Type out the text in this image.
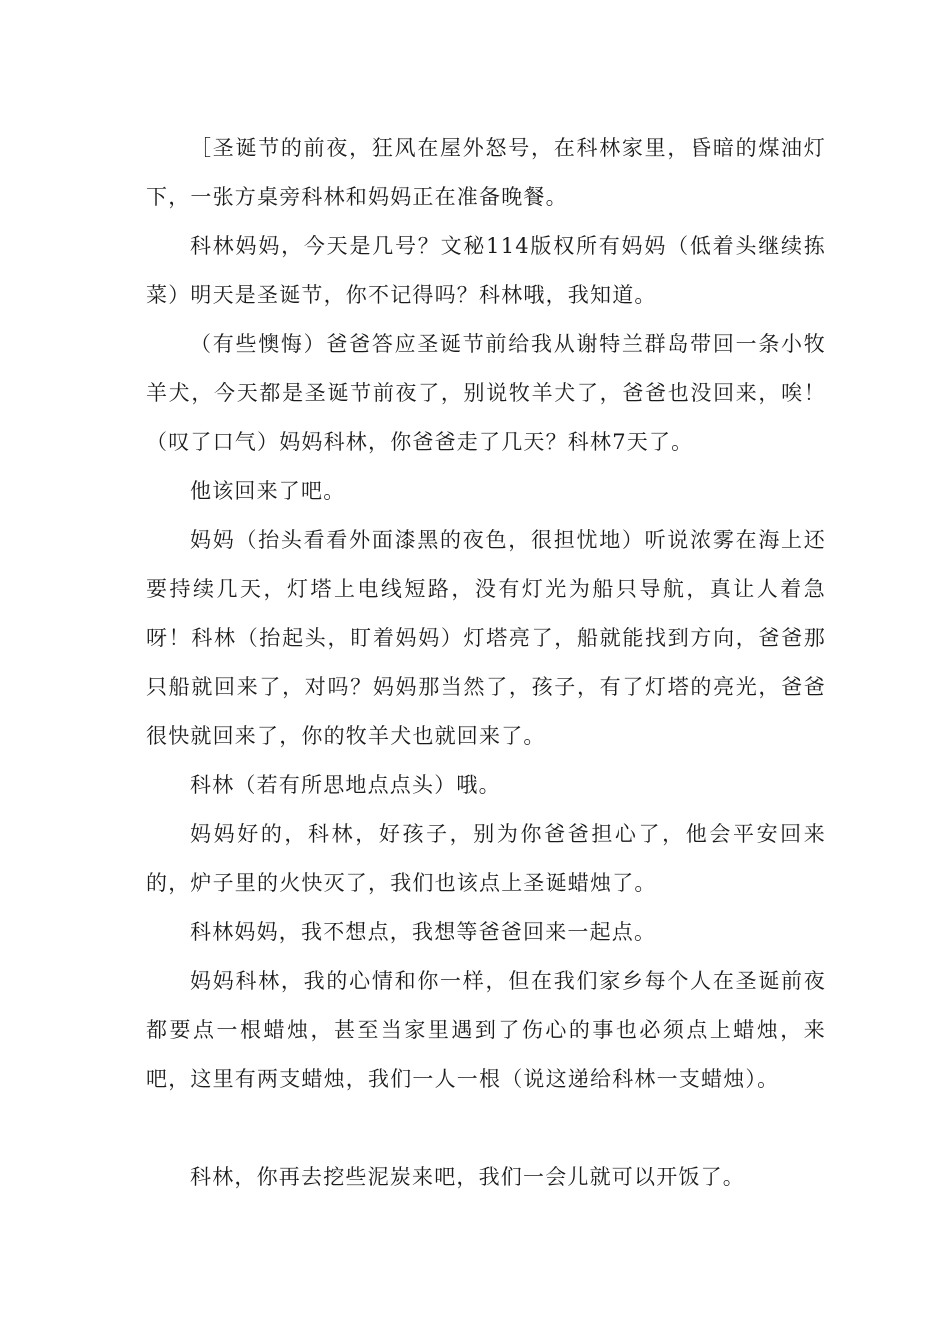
［圣诞节的前夜，狂风在屋外怒号，在科林家里，昏暗的煤油灯下，一张方桌旁科林和妈妈正在准备晚餐。

科林妈妈，今天是几号？文秘114版权所有妈妈（低着头继续拣菜）明天是圣诞节，你不记得吗？科林哦，我知道。

（有些懊悔）爸爸答应圣诞节前给我从谢特兰群岛带回一条小牧羊犬，今天都是圣诞节前夜了，别说牧羊犬了，爸爸也没回来，唉！（叹了口气）妈妈科林，你爸爸走了几天？科林7天了。

他该回来了吧。

妈妈（抬头看看外面漆黑的夜色，很担忧地）听说浓雾在海上还要持续几天，灯塔上电线短路，没有灯光为船只导航，真让人着急呀！科林（抬起头，盯着妈妈）灯塔亮了，船就能找到方向，爸爸那只船就回来了，对吗？妈妈那当然了，孩子，有了灯塔的亮光，爸爸很快就回来了，你的牧羊犬也就回来了。

科林（若有所思地点点头）哦。

妈妈好的，科林，好孩子，别为你爸爸担心了，他会平安回来的，炉子里的火快灭了，我们也该点上圣诞蜡烛了。

科林妈妈，我不想点，我想等爸爸回来一起点。

妈妈科林，我的心情和你一样，但在我们家乡每个人在圣诞前夜都要点一根蜡烛，甚至当家里遇到了伤心的事也必须点上蜡烛，来吧，这里有两支蜡烛，我们一人一根（说这递给科林一支蜡烛）。

科林，你再去挖些泥炭来吧，我们一会儿就可以开饭了。
